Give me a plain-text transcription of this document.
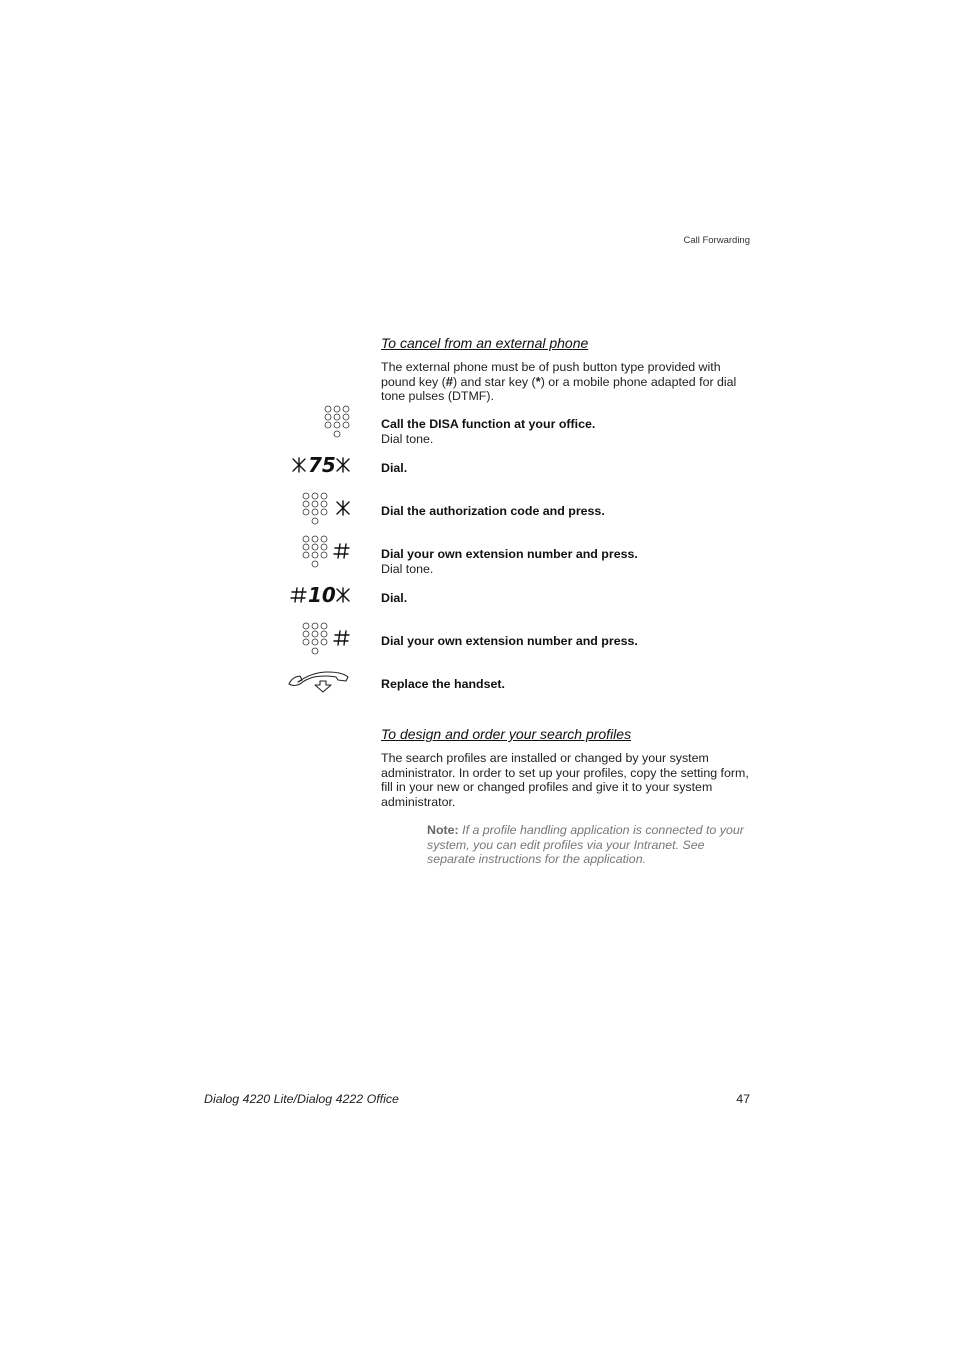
Call Forwarding
To cancel from an external phone
The external phone must be of push button type provided with pound key (#) and star key (*) or a mobile phone adapted for dial tone pulses (DTMF).
Call the DISA function at your office.
Dial tone.
75	Dial.
Dial the authorization code and press.
Dial your own extension number and press.
Dial tone.
10	Dial.
Dial your own extension number and press.
Replace the handset.
To design and order your search profiles
The search profiles are installed or changed by your system administrator. In order to set up your profiles, copy the setting form, fill in your new or changed profiles and give it to your system administrator.
Note: If a profile handling application is connected to your system, you can edit profiles via your Intranet. See separate instructions for the application.
Dialog 4220 Lite/Dialog 4222 Office	47
